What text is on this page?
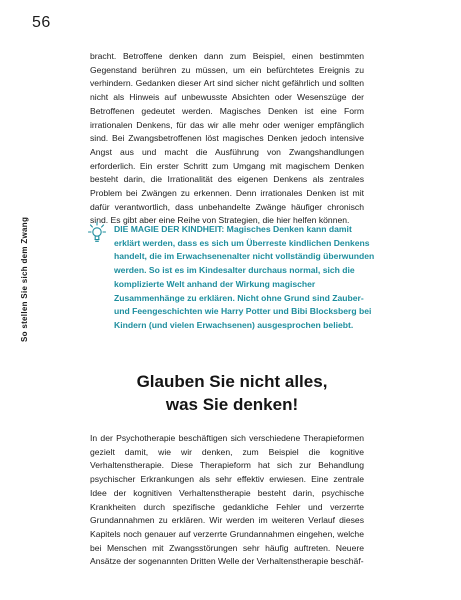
56
So stellen Sie sich dem Zwang

bracht. Betroffene denken dann zum Beispiel, einen bestimmten Gegenstand berühren zu müssen, um ein befürchtetes Ereignis zu verhindern. Gedanken dieser Art sind sicher nicht gefährlich und sollten nicht als Hinweis auf unbewusste Absichten oder Wesenszüge der Betroffenen gedeutet werden. Magisches Denken ist eine Form irrationalen Denkens, für das wir alle mehr oder weniger empfänglich sind. Bei Zwangsbetroffenen löst magisches Denken jedoch intensive Angst aus und macht die Ausführung von Zwangshandlungen erforderlich. Ein erster Schritt zum Umgang mit magischem Denken besteht darin, die Irrationalität des eigenen Denkens als zentrales Problem bei Zwängen zu erkennen. Denn irrationales Denken ist mit dafür verantwortlich, dass unbehandelte Zwänge häufiger chronisch sind. Es gibt aber eine Reihe von Strategien, die hier helfen können.

DIE MAGIE DER KINDHEIT: Magisches Denken kann damit erklärt werden, dass es sich um Überreste kindlichen Denkens handelt, die im Erwachsenenalter nicht vollständig überwunden werden. So ist es im Kindesalter durchaus normal, sich die komplizierte Welt anhand der Wirkung magischer Zusammenhänge zu erklären. Nicht ohne Grund sind Zauber- und Feengeschichten wie Harry Potter und Bibi Blocksberg bei Kindern (und vielen Erwachsenen) ausgesprochen beliebt.
Glauben Sie nicht alles,
was Sie denken!

In der Psychotherapie beschäftigen sich verschiedene Therapieformen gezielt damit, wie wir denken, zum Beispiel die kognitive Verhaltenstherapie. Diese Therapieform hat sich zur Behandlung psychischer Erkrankungen als sehr effektiv erwiesen. Eine zentrale Idee der kognitiven Verhaltenstherapie besteht darin, psychische Krankheiten durch spezifische gedankliche Fehler und verzerrte Grundannahmen zu erklären. Wir werden im weiteren Verlauf dieses Kapitels noch genauer auf verzerrte Grundannahmen eingehen, welche bei Menschen mit Zwangsstörungen sehr häufig auftreten. Neuere Ansätze der sogenannten Dritten Welle der Verhaltenstherapie beschäf-
